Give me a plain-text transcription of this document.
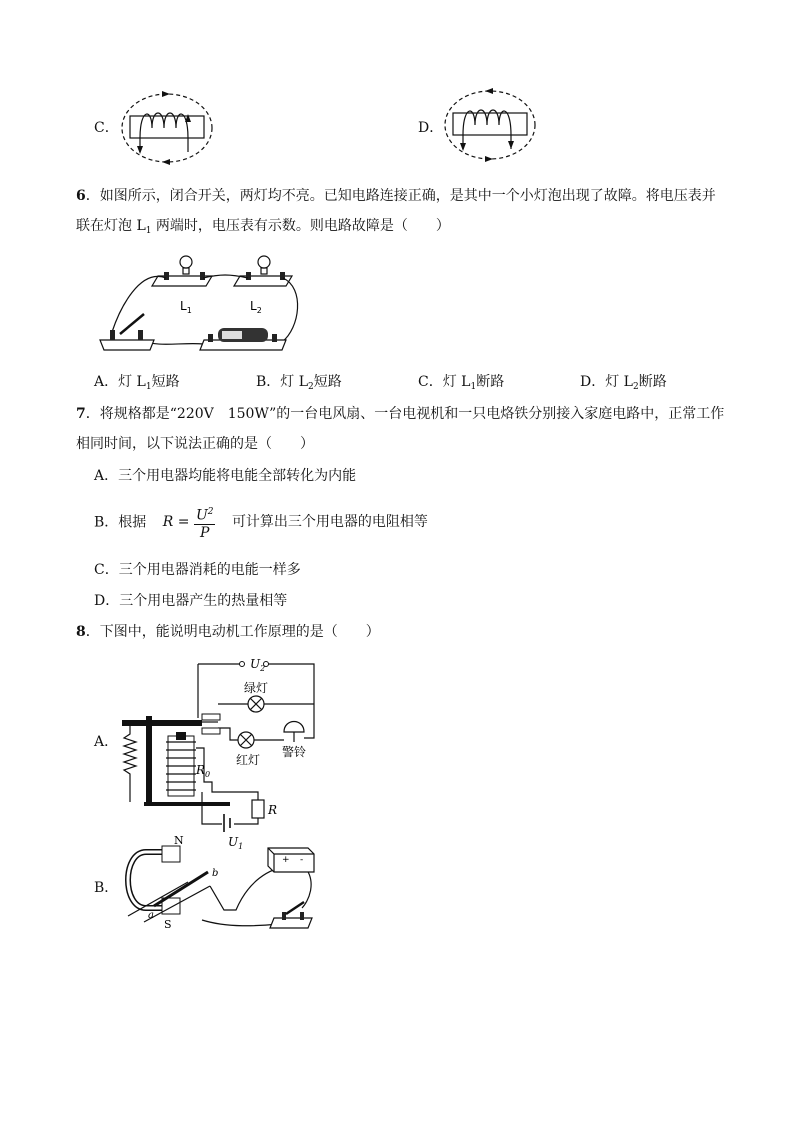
C．	D．
6．如图所示，闭合开关，两灯均不亮。已知电路连接正确，是其中一个小灯泡出现了故障。将电压表并
联在灯泡 $L_1$ 两端时，电压表有示数。则电路故障是（　　）
$L_1$	$L_2$
A．灯 $L_1$短路	B．灯 $L_2$短路	C．灯 $L_1$断路	D．灯 $L_2$断路
7．将规格都是“220V　150W”的一台电风扇、一台电视机和一只电烙铁分别接入家庭电路中，正常工作
相同时间，以下说法正确的是（　　）
A．三个用电器均能将电能全部转化为内能
B．根据 $R = \frac{U^2}{P}$ 可计算出三个用电器的电阻相等
C．三个用电器消耗的电能一样多
D．三个用电器产生的热量相等
8．下图中，能说明电动机工作原理的是（　　）
A．
$U_2$
绿灯
警铃
红灯
$R_0$
R
$U_1$
B．
N
S
a
b
+ -
